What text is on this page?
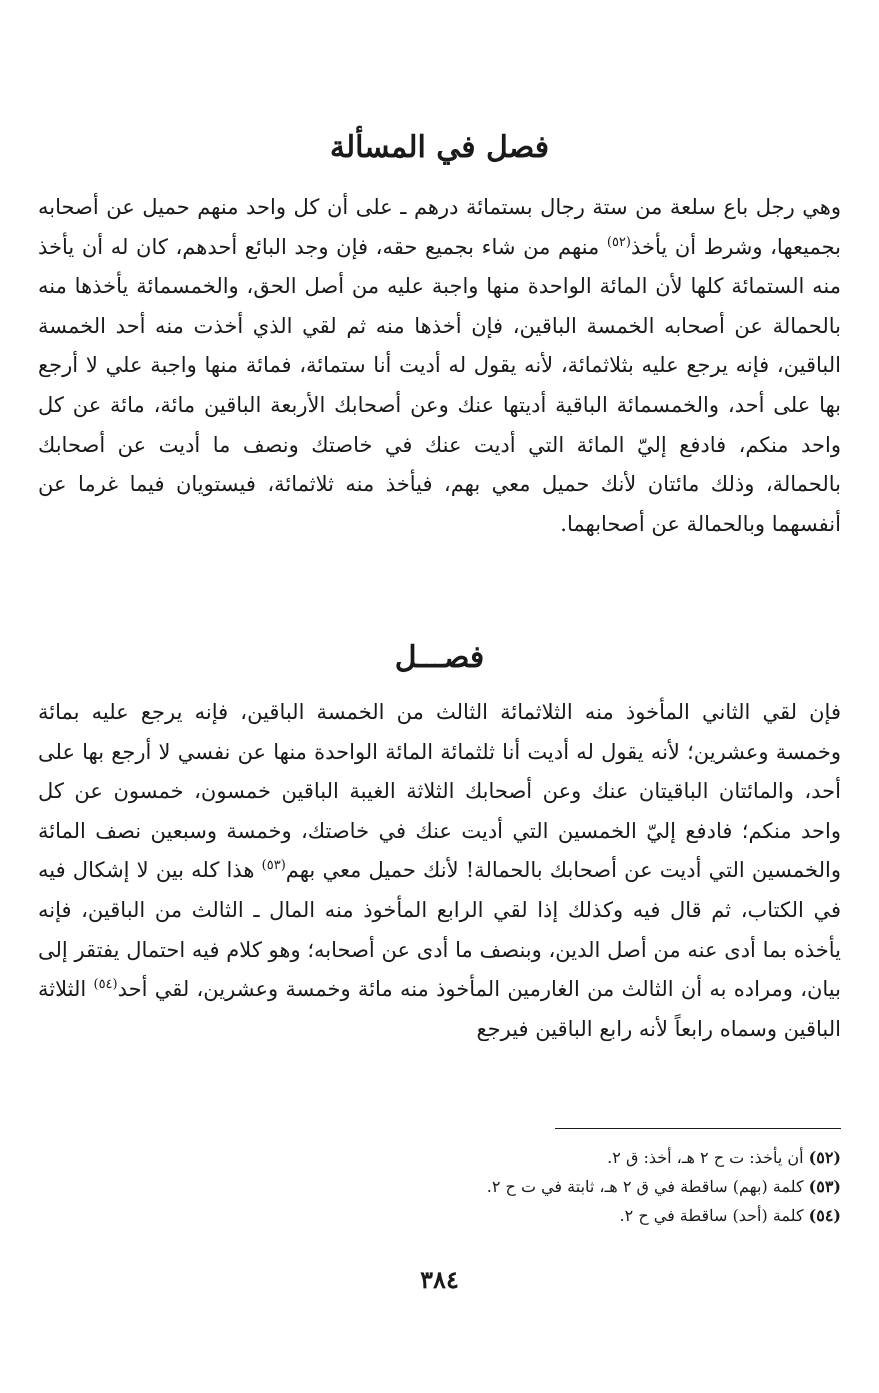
فصل في المسألة

وهي رجل باع سلعة من ستة رجال بستمائة درهم ـ على أن كل واحد منهم حميل عن أصحابه بجميعها، وشرط أن يأخذ$^{(٥٢)}$ منهم من شاء بجميع حقه، فإن وجد البائع أحدهم، كان له أن يأخذ منه الستمائة كلها لأن المائة الواحدة منها واجبة عليه من أصل الحق، والخمسمائة يأخذها منه بالحمالة عن أصحابه الخمسة الباقين، فإن أخذها منه ثم لقي الذي أخذت منه أحد الخمسة الباقين، فإنه يرجع عليه بثلاثمائة، لأنه يقول له أديت أنا ستمائة، فمائة منها واجبة علي لا أرجع بها على أحد، والخمسمائة الباقية أديتها عنك وعن أصحابك الأربعة الباقين مائة، مائة عن كل واحد منكم، فادفع إليّ المائة التي أديت عنك في خاصتك ونصف ما أديت عن أصحابك بالحمالة، وذلك مائتان لأنك حميل معي بهم، فيأخذ منه ثلاثمائة، فيستويان فيما غرما عن أنفسهما وبالحمالة عن أصحابهما.

فصـــل

فإن لقي الثاني المأخوذ منه الثلاثمائة الثالث من الخمسة الباقين، فإنه يرجع عليه بمائة وخمسة وعشرين؛ لأنه يقول له أديت أنا ثلثمائة المائة الواحدة منها عن نفسي لا أرجع بها على أحد، والمائتان الباقيتان عنك وعن أصحابك الثلاثة الغيبة الباقين خمسون، خمسون عن كل واحد منكم؛ فادفع إليّ الخمسين التي أديت عنك في خاصتك، وخمسة وسبعين نصف المائة والخمسين التي أديت عن أصحابك بالحمالة! لأنك حميل معي بهم$^{(٥٣)}$ هذا كله بين لا إشكال فيه في الكتاب، ثم قال فيه وكذلك إذا لقي الرابع المأخوذ منه المال ـ الثالث من الباقين، فإنه يأخذه بما أدى عنه من أصل الدين، وبنصف ما أدى عن أصحابه؛ وهو كلام فيه احتمال يفتقر إلى بيان، ومراده به أن الثالث من الغارمين المأخوذ منه مائة وخمسة وعشرين، لقي أحد$^{(٥٤)}$ الثلاثة الباقين وسماه رابعاً لأنه رابع الباقين فيرجع

(٥٢) أن يأخذ: ت ح ٢ هـ، أخذ: ق ٢.
(٥٣) كلمة (بهم) ساقطة في ق ٢ هـ، ثابتة في ت ح ٢.
(٥٤) كلمة (أحد) ساقطة في ح ٢.
٣٨٤
